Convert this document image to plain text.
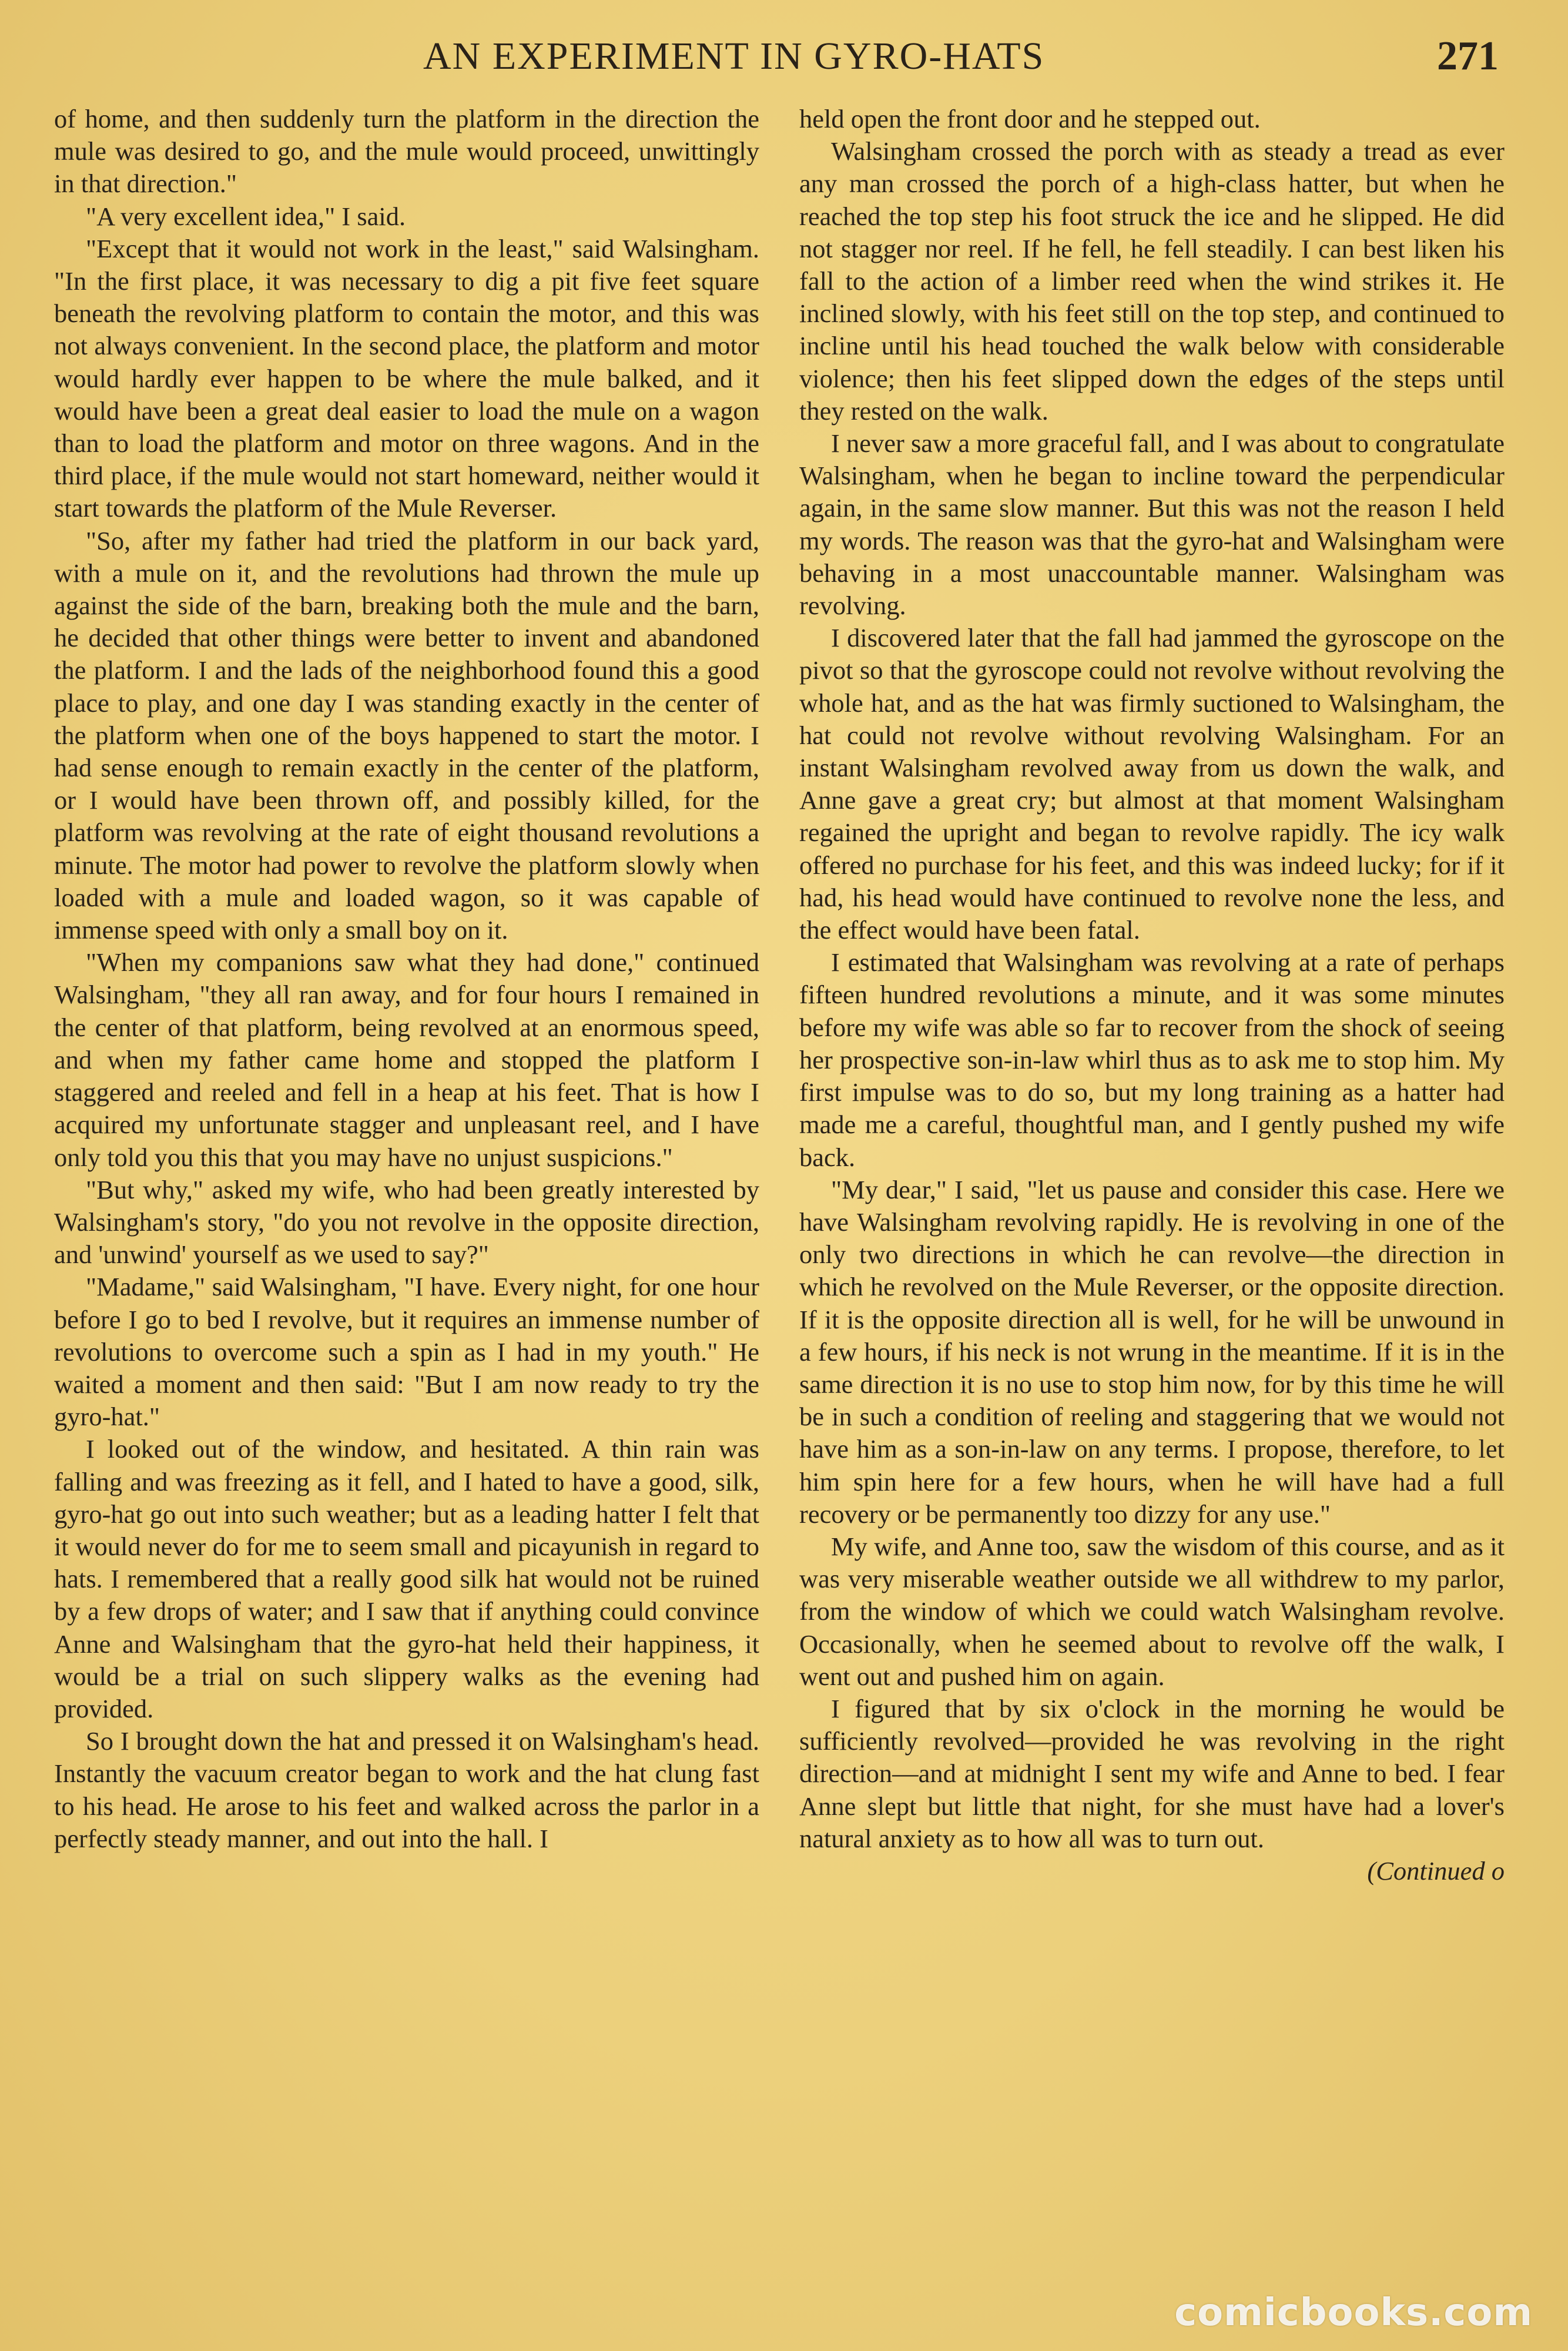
AN EXPERIMENT IN GYRO-HATS	271

of home, and then suddenly turn the platform in the direction the mule was desired to go, and the mule would proceed, unwittingly in that direction."

"A very excellent idea," I said.

"Except that it would not work in the least," said Walsingham. "In the first place, it was necessary to dig a pit five feet square beneath the revolving platform to contain the motor, and this was not always convenient. In the second place, the platform and motor would hardly ever happen to be where the mule balked, and it would have been a great deal easier to load the mule on a wagon than to load the platform and motor on three wagons. And in the third place, if the mule would not start homeward, neither would it start towards the platform of the Mule Reverser.

"So, after my father had tried the platform in our back yard, with a mule on it, and the revolutions had thrown the mule up against the side of the barn, breaking both the mule and the barn, he decided that other things were better to invent and abandoned the platform. I and the lads of the neighborhood found this a good place to play, and one day I was standing exactly in the center of the platform when one of the boys happened to start the motor. I had sense enough to remain exactly in the center of the platform, or I would have been thrown off, and possibly killed, for the platform was revolving at the rate of eight thousand revolutions a minute. The motor had power to revolve the platform slowly when loaded with a mule and loaded wagon, so it was capable of immense speed with only a small boy on it.

"When my companions saw what they had done," continued Walsingham, "they all ran away, and for four hours I remained in the center of that platform, being revolved at an enormous speed, and when my father came home and stopped the platform I staggered and reeled and fell in a heap at his feet. That is how I acquired my unfortunate stagger and unpleasant reel, and I have only told you this that you may have no unjust suspicions."

"But why," asked my wife, who had been greatly interested by Walsingham's story, "do you not revolve in the opposite direction, and 'unwind' yourself as we used to say?"

"Madame," said Walsingham, "I have. Every night, for one hour before I go to bed I revolve, but it requires an immense number of revolutions to overcome such a spin as I had in my youth." He waited a moment and then said: "But I am now ready to try the gyro-hat."

I looked out of the window, and hesitated. A thin rain was falling and was freezing as it fell, and I hated to have a good, silk, gyro-hat go out into such weather; but as a leading hatter I felt that it would never do for me to seem small and picayunish in regard to hats. I remembered that a really good silk hat would not be ruined by a few drops of water; and I saw that if anything could convince Anne and Walsingham that the gyro-hat held their happiness, it would be a trial on such slippery walks as the evening had provided.

So I brought down the hat and pressed it on Walsingham's head. Instantly the vacuum creator began to work and the hat clung fast to his head. He arose to his feet and walked across the parlor in a perfectly steady manner, and out into the hall. I

held open the front door and he stepped out.

Walsingham crossed the porch with as steady a tread as ever any man crossed the porch of a high-class hatter, but when he reached the top step his foot struck the ice and he slipped. He did not stagger nor reel. If he fell, he fell steadily. I can best liken his fall to the action of a limber reed when the wind strikes it. He inclined slowly, with his feet still on the top step, and continued to incline until his head touched the walk below with considerable violence; then his feet slipped down the edges of the steps until they rested on the walk.

I never saw a more graceful fall, and I was about to congratulate Walsingham, when he began to incline toward the perpendicular again, in the same slow manner. But this was not the reason I held my words. The reason was that the gyro-hat and Walsingham were behaving in a most unaccountable manner. Walsingham was revolving.

I discovered later that the fall had jammed the gyroscope on the pivot so that the gyroscope could not revolve without revolving the whole hat, and as the hat was firmly suctioned to Walsingham, the hat could not revolve without revolving Walsingham. For an instant Walsingham revolved away from us down the walk, and Anne gave a great cry; but almost at that moment Walsingham regained the upright and began to revolve rapidly. The icy walk offered no purchase for his feet, and this was indeed lucky; for if it had, his head would have continued to revolve none the less, and the effect would have been fatal.

I estimated that Walsingham was revolving at a rate of perhaps fifteen hundred revolutions a minute, and it was some minutes before my wife was able so far to recover from the shock of seeing her prospective son-in-law whirl thus as to ask me to stop him. My first impulse was to do so, but my long training as a hatter had made me a careful, thoughtful man, and I gently pushed my wife back.

"My dear," I said, "let us pause and consider this case. Here we have Walsingham revolving rapidly. He is revolving in one of the only two directions in which he can revolve—the direction in which he revolved on the Mule Reverser, or the opposite direction. If it is the opposite direction all is well, for he will be unwound in a few hours, if his neck is not wrung in the meantime. If it is in the same direction it is no use to stop him now, for by this time he will be in such a condition of reeling and staggering that we would not have him as a son-in-law on any terms. I propose, therefore, to let him spin here for a few hours, when he will have had a full recovery or be permanently too dizzy for any use."

My wife, and Anne too, saw the wisdom of this course, and as it was very miserable weather outside we all withdrew to my parlor, from the window of which we could watch Walsingham revolve. Occasionally, when he seemed about to revolve off the walk, I went out and pushed him on again.

I figured that by six o'clock in the morning he would be sufficiently revolved—provided he was revolving in the right direction—and at midnight I sent my wife and Anne to bed. I fear Anne slept but little that night, for she must have had a lover's natural anxiety as to how all was to turn out.

(Continued o

comicbooks.com
